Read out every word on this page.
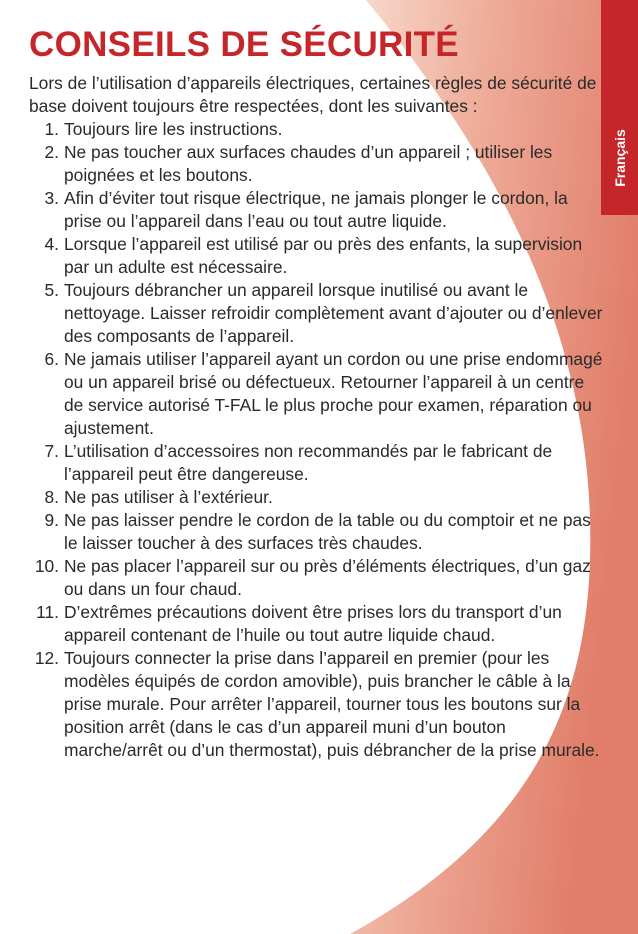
Français
CONSEILS DE SÉCURITÉ

Lors de l’utilisation d’appareils électriques, certaines règles de sécurité de base doivent toujours être respectées, dont les suivantes :

1. Toujours lire les instructions.
2. Ne pas toucher aux surfaces chaudes d’un appareil ; utiliser les poignées et les boutons.
3. Afin d’éviter tout risque électrique, ne jamais plonger le cordon, la prise ou l’appareil dans l’eau ou tout autre liquide.
4. Lorsque l’appareil est utilisé par ou près des enfants, la supervision par un adulte est nécessaire.
5. Toujours débrancher un appareil lorsque inutilisé ou avant le nettoyage. Laisser refroidir complètement avant d’ajouter ou d’enlever des composants de l’appareil.
6. Ne jamais utiliser l’appareil ayant un cordon ou une prise endommagé ou un appareil brisé ou défectueux. Retourner l’appareil à un centre de service autorisé T-FAL le plus proche pour examen, réparation ou ajustement.
7. L’utilisation d’accessoires non recommandés par le fabricant de l’appareil peut être dangereuse.
8. Ne pas utiliser à l’extérieur.
9. Ne pas laisser pendre le cordon de la table ou du comptoir et ne pas le laisser toucher à des surfaces très chaudes.
10. Ne pas placer l’appareil sur ou près d’éléments électriques, d’un gaz ou dans un four chaud.
11. D’extrêmes précautions doivent être prises lors du transport d’un appareil contenant de l’huile ou tout autre liquide chaud.
12. Toujours connecter la prise dans l’appareil en premier (pour les modèles équipés de cordon amovible), puis brancher le câble à la prise murale. Pour arrêter l’appareil, tourner tous les boutons sur la position arrêt (dans le cas d’un appareil muni d’un bouton marche/arrêt ou d’un thermostat), puis débrancher de la prise murale.
